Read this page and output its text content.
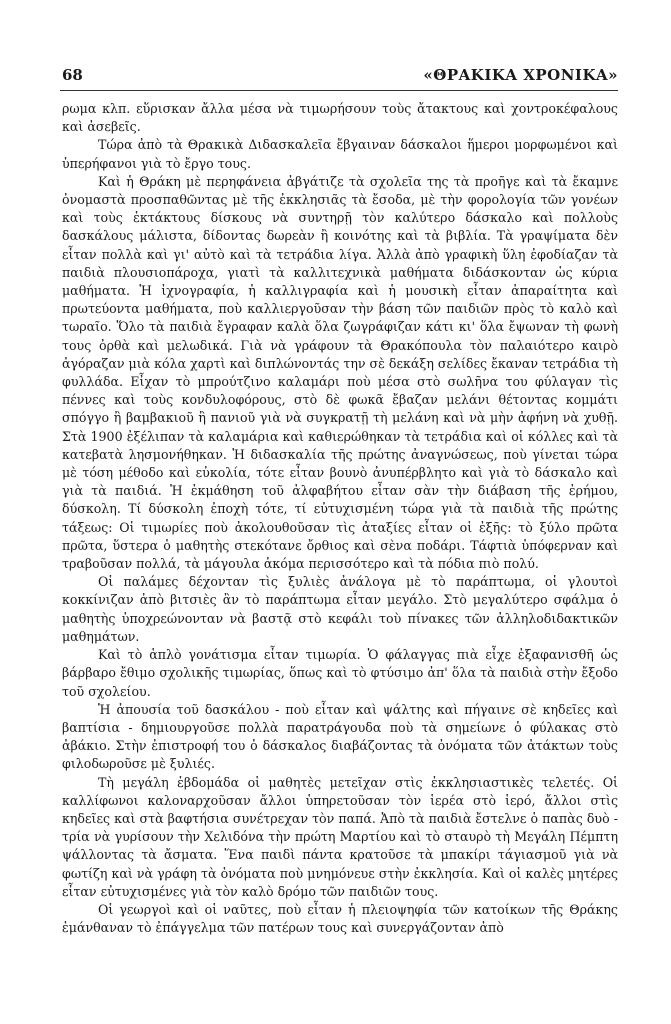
68	«ΘΡΑΚΙΚΑ ΧΡΟΝΙΚΑ»

ρωμα κλπ. εὕρισκαν ἄλλα μέσα νὰ τιμωρήσουν τοὺς ἄτακτους καὶ χοντροκέφαλους καὶ ἀσεβεῖς.

Τώρα ἀπὸ τὰ Θρακικὰ Διδασκαλεῖα ἔβγαιναν δάσκαλοι ἥμεροι μορφωμένοι καὶ ὑπερήφανοι γιὰ τὸ ἔργο τους.

Καὶ ἡ Θράκη μὲ περηφάνεια ἀβγάτιζε τὰ σχολεῖα της τὰ προῆγε καὶ τὰ ἔκαμνε ὀνομαστὰ προσπαθῶντας μὲ τῆς ἐκκλησιᾶς τὰ ἔσοδα, μὲ τὴν φορολογία τῶν γονέων καὶ τοὺς ἐκτάκτους δίσκους νὰ συντηρῇ τὸν καλύτερο δάσκαλο καὶ πολλοὺς δασκάλους μάλιστα, δίδοντας δωρεὰν ἢ κοινότης καὶ τὰ βιβλία. Τὰ γραψίματα δὲν εἶταν πολλὰ καὶ γι' αὐτὸ καὶ τὰ τετράδια λίγα. Ἀλλὰ ἀπὸ γραφικὴ ὕλη ἐφοδίαζαν τὰ παιδιὰ πλουσιοπάροχα, γιατὶ τὰ καλλιτεχνικὰ μαθήματα διδάσκονταν ὡς κύρια μαθήματα. Ἡ ἰχνογραφία, ἡ καλλιγραφία καὶ ἡ μουσικὴ εἶταν ἀπαραίτητα καὶ πρωτεύοντα μαθήματα, ποὺ καλλιεργοῦσαν τὴν βάση τῶν παιδιῶν πρὸς τὸ καλὸ καὶ τωραῖο. Ὅλο τὰ παιδιὰ ἔγραφαν καλὰ ὅλα ζωγράφιζαν κάτι κι' ὅλα ἔψωναν τὴ φωνὴ τους ὀρθὰ καὶ μελωδικά. Γιὰ νὰ γράφουν τὰ Θρακόπουλα τὸν παλαιότερο καιρὸ ἀγόραζαν μιὰ κόλα χαρτὶ καὶ διπλώνοντάς την σὲ δεκάξη σελίδες ἔκαναν τετράδια τὴ φυλλάδα. Εἶχαν τὸ μπρούτζινο καλαμάρι ποὺ μέσα στὸ σωλῆνα του φύλαγαν τὶς πέννες καὶ τοὺς κονδυλοφόρους, στὸ δὲ φωκᾶ ἔβαζαν μελάνι θέτοντας κομμάτι σπόγγο ἢ βαμβακιοῦ ἢ πανιοῦ γιὰ νὰ συγκρατῇ τὴ μελάνη καὶ νὰ μὴν ἀφήνη νὰ χυθῇ. Στὰ 1900 ἐξέλιπαν τὰ καλαμάρια καὶ καθιερώθηκαν τὰ τετράδια καὶ οἱ κόλλες καὶ τὰ κατεβατὰ λησμονήθηκαν. Ἡ διδασκαλία τῆς πρώτης ἀναγνώσεως, ποὺ γίνεται τώρα μὲ τόση μέθοδο καὶ εὐκολία, τότε εἶταν βουνὸ ἀνυπέρβλητο καὶ γιὰ τὸ δάσκαλο καὶ γιὰ τὰ παιδιά. Ἡ ἐκμάθηση τοῦ ἀλφαβήτου εἶταν σὰν τὴν διάβαση τῆς ἐρήμου, δύσκολη. Τί δύσκολη ἐποχὴ τότε, τί εὐτυχισμένη τώρα γιὰ τὰ παιδιὰ τῆς πρώτης τάξεως: Οἱ τιμωρίες ποὺ ἀκολουθοῦσαν τὶς ἀταξίες εἶταν οἱ ἐξῆς: τὸ ξύλο πρῶτα πρῶτα, ὕστερα ὁ μαθητὴς στεκότανε ὄρθιος καὶ σὲνα ποδάρι. Τάφτιὰ ὑπόφερναν καὶ τραβοῦσαν πολλά, τὰ μάγουλα ἀκόμα περισσότερο καὶ τὰ πόδια πιὸ πολύ.

Οἱ παλάμες δέχονταν τὶς ξυλιὲς ἀνάλογα μὲ τὸ παράπτωμα, οἱ γλουτοὶ κοκκίνιζαν ἀπὸ βιτσιὲς ἂν τὸ παράπτωμα εἶταν μεγάλο. Στὸ μεγαλύτερο σφάλμα ὁ μαθητὴς ὑποχρεώνονταν νὰ βαστᾷ στὸ κεφάλι τοὺ πίνακες τῶν ἀλληλοδιδακτικῶν μαθημάτων.

Καὶ τὸ ἁπλὸ γονάτισμα εἶταν τιμωρία. Ὁ φάλαγγας πιὰ εἶχε ἐξαφανισθῆ ὡς βάρβαρο ἔθιμο σχολικῆς τιμωρίας, ὅπως καὶ τὸ φτύσιμο ἀπ' ὅλα τὰ παιδιὰ στὴν ἔξοδο τοῦ σχολείου.

Ἡ ἀπουσία τοῦ δασκάλου - ποὺ εἶταν καὶ ψάλτης καὶ πήγαινε σὲ κηδεῖες καὶ βαπτίσια - δημιουργοῦσε πολλὰ παρατράγουδα ποὺ τὰ σημείωνε ὁ φύλακας στὸ ἀβάκιο. Στὴν ἐπιστροφή του ὁ δάσκαλος διαβάζοντας τὰ ὀνόματα τῶν ἀτάκτων τοὺς φιλοδωροῦσε μὲ ξυλιές.

Τὴ μεγάλη ἑβδομάδα οἱ μαθητὲς μετεῖχαν στὶς ἐκκλησιαστικὲς τελετές. Οἱ καλλίφωνοι καλοναρχοῦσαν ἄλλοι ὑπηρετοῦσαν τὸν ἱερέα στὸ ἱερό, ἄλλοι στὶς κηδεῖες καὶ στὰ βαφτήσια συνέτρεχαν τὸν παπά. Ἀπὸ τὰ παιδιὰ ἔστελνε ὁ παπὰς δυὸ - τρία νὰ γυρίσουν τὴν Χελιδόνα τὴν πρώτη Μαρτίου καὶ τὸ σταυρὸ τὴ Μεγάλη Πέμπτη ψάλλοντας τὰ ἄσματα. Ἕνα παιδὶ πάντα κρατοῦσε τὰ μπακίρι τάγιασμοῦ γιὰ νὰ φωτίζη καὶ νὰ γράφη τὰ ὀνόματα ποὺ μνημόνευε στὴν ἐκκλησία. Καὶ οἱ καλὲς μητέρες εἶταν εὐτυχισμένες γιὰ τὸν καλὸ δρόμο τῶν παιδιῶν τους.

Οἱ γεωργοὶ καὶ οἱ ναῦτες, ποὺ εἶταν ἡ πλειοψηφία τῶν κατοίκων τῆς Θράκης ἐμάνθαναν τὸ ἐπάγγελμα τῶν πατέρων τους καὶ συνεργάζονταν ἀπὸ
